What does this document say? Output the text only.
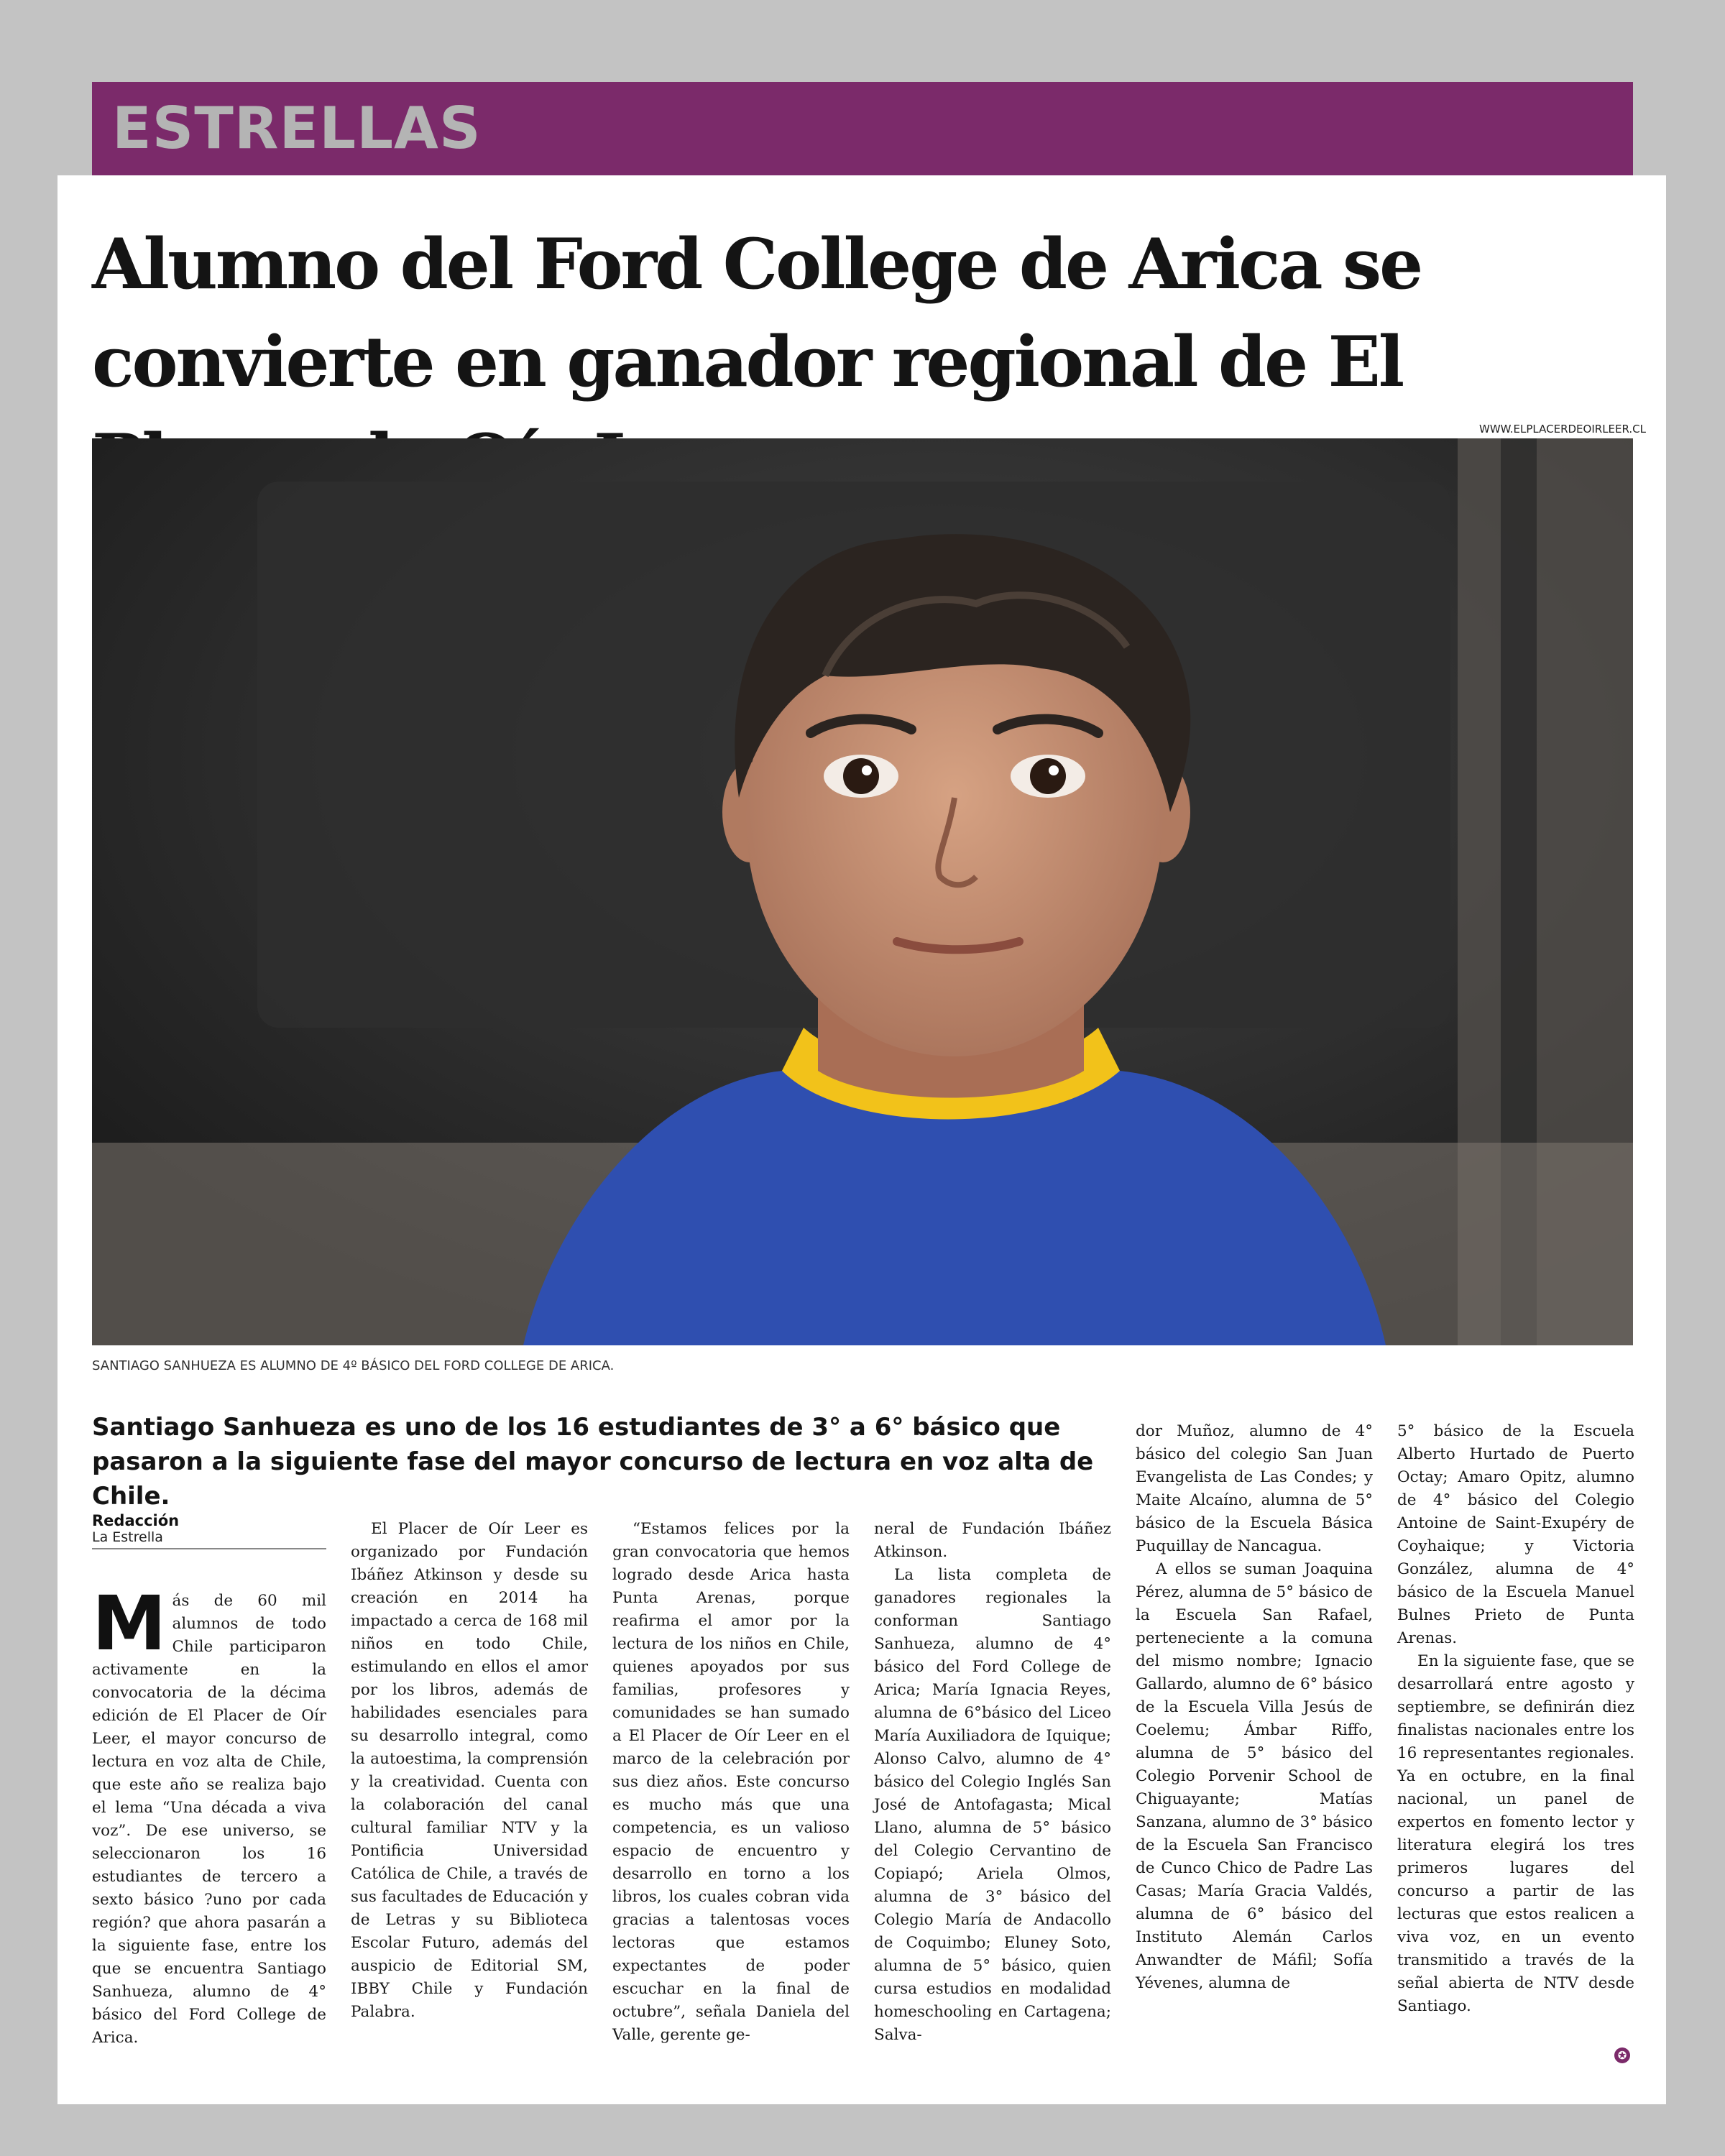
ESTRELLAS
Alumno del Ford College de Arica se convierte en ganador regional de El
WWW.ELPLACERDEOIRLEER.CL
SANTIAGO SANHUEZA ES ALUMNO DE 4º BÁSICO DEL FORD COLLEGE DE ARICA.
Santiago Sanhueza es uno de los 16 estudiantes de 3° a 6° básico que pasaron a la siguiente fase del mayor concurso de lectura en voz alta de Chile.
Redacción
La Estrella
Más de 60 mil alumnos de todo Chile participaron activamente en la convocatoria de la décima edición de El Placer de Oír Leer, el mayor concurso de lectura en voz alta de Chile, que este año se realiza bajo el lema “Una década a viva voz”. De ese universo, se seleccionaron los 16 estudiantes de tercero a sexto básico ?uno por cada región? que ahora pasarán a la siguiente fase, entre los que se encuentra Santiago Sanhueza, alumno de 4° básico del Ford College de Arica.

El Placer de Oír Leer es organizado por Fundación Ibáñez Atkinson y desde su creación en 2014 ha impactado a cerca de 168 mil niños en todo Chile, estimulando en ellos el amor por los libros, además de habilidades esenciales para su desarrollo integral, como la autoestima, la comprensión y la creatividad. Cuenta con la colaboración del canal cultural familiar NTV y la Pontificia Universidad Católica de Chile, a través de sus facultades de Educación y de Letras y su Biblioteca Escolar Futuro, además del auspicio de Editorial SM, IBBY Chile y Fundación Palabra.

“Estamos felices por la gran convocatoria que hemos logrado desde Arica hasta Punta Arenas, porque reafirma el amor por la lectura de los niños en Chile, quienes apoyados por sus familias, profesores y comunidades se han sumado a El Placer de Oír Leer en el marco de la celebración por sus diez años. Este concurso es mucho más que una competencia, es un valioso espacio de encuentro y desarrollo en torno a los libros, los cuales cobran vida gracias a talentosas voces lectoras que estamos expectantes de poder escuchar en la final de octubre”, señala Daniela del Valle, gerente ge-

neral de Fundación Ibáñez Atkinson.

La lista completa de ganadores regionales la conforman Santiago Sanhueza, alumno de 4° básico del Ford College de Arica; María Ignacia Reyes, alumna de 6°básico del Liceo María Auxiliadora de Iquique; Alonso Calvo, alumno de 4° básico del Colegio Inglés San José de Antofagasta; Mical Llano, alumna de 5° básico del Colegio Cervantino de Copiapó; Ariela Olmos, alumna de 3° básico del Colegio María de Andacollo de Coquimbo; Eluney Soto, alumna de 5° básico, quien cursa estudios en modalidad homeschooling en Cartagena; Salva-

dor Muñoz, alumno de 4° básico del colegio San Juan Evangelista de Las Condes; y Maite Alcaíno, alumna de 5° básico de la Escuela Básica Puquillay de Nancagua.

A ellos se suman Joaquina Pérez, alumna de 5° básico de la Escuela San Rafael, perteneciente a la comuna del mismo nombre; Ignacio Gallardo, alumno de 6° básico de la Escuela Villa Jesús de Coelemu; Ámbar Riffo, alumna de 5° básico del Colegio Porvenir School de Chiguayante; Matías Sanzana, alumno de 3° básico de la Escuela San Francisco de Cunco Chico de Padre Las Casas; María Gracia Valdés, alumna de 6° básico del Instituto Alemán Carlos Anwandter de Máfil; Sofía Yévenes, alumna de

5° básico de la Escuela Alberto Hurtado de Puerto Octay; Amaro Opitz, alumno de 4° básico del Colegio Antoine de Saint-Exupéry de Coyhaique; y Victoria González, alumna de 4° básico de la Escuela Manuel Bulnes Prieto de Punta Arenas.

En la siguiente fase, que se desarrollará entre agosto y septiembre, se definirán diez finalistas nacionales entre los 16 representantes regionales. Ya en octubre, en la final nacional, un panel de expertos en fomento lector y literatura elegirá los tres primeros lugares del concurso a partir de las lecturas que estos realicen a viva voz, en un evento transmitido a través de la señal abierta de NTV desde Santiago.

✪
